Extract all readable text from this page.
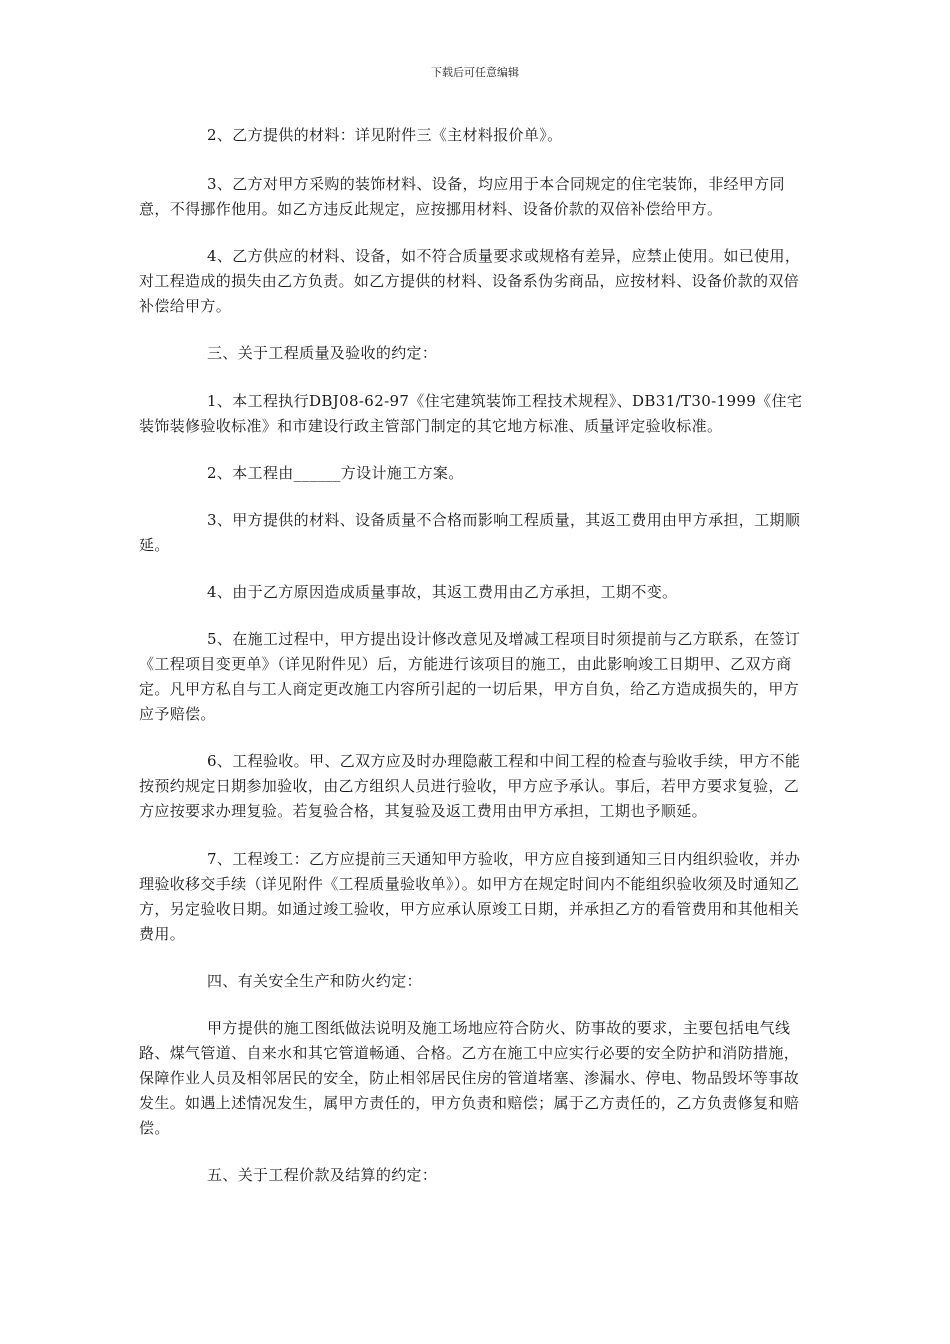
下载后可任意编辑

2、乙方提供的材料：详见附件三《主材料报价单》。

3、乙方对甲方采购的装饰材料、设备，均应用于本合同规定的住宅装饰，非经甲方同意，不得挪作他用。如乙方违反此规定，应按挪用材料、设备价款的双倍补偿给甲方。

4、乙方供应的材料、设备，如不符合质量要求或规格有差异，应禁止使用。如已使用，对工程造成的损失由乙方负责。如乙方提供的材料、设备系伪劣商品，应按材料、设备价款的双倍补偿给甲方。

三、关于工程质量及验收的约定：

1、本工程执行DBJ08-62-97《住宅建筑装饰工程技术规程》、DB31/T30-1999《住宅装饰装修验收标准》和市建设行政主管部门制定的其它地方标准、质量评定验收标准。

2、本工程由______方设计施工方案。

3、甲方提供的材料、设备质量不合格而影响工程质量，其返工费用由甲方承担，工期顺延。

4、由于乙方原因造成质量事故，其返工费用由乙方承担，工期不变。

5、在施工过程中，甲方提出设计修改意见及增减工程项目时须提前与乙方联系，在签订《工程项目变更单》（详见附件见）后，方能进行该项目的施工，由此影响竣工日期甲、乙双方商定。凡甲方私自与工人商定更改施工内容所引起的一切后果，甲方自负，给乙方造成损失的，甲方应予赔偿。

6、工程验收。甲、乙双方应及时办理隐蔽工程和中间工程的检查与验收手续，甲方不能按预约规定日期参加验收，由乙方组织人员进行验收，甲方应予承认。事后，若甲方要求复验，乙方应按要求办理复验。若复验合格，其复验及返工费用由甲方承担，工期也予顺延。

7、工程竣工：乙方应提前三天通知甲方验收，甲方应自接到通知三日内组织验收，并办理验收移交手续（详见附件《工程质量验收单》）。如甲方在规定时间内不能组织验收须及时通知乙方，另定验收日期。如通过竣工验收，甲方应承认原竣工日期，并承担乙方的看管费用和其他相关费用。

四、有关安全生产和防火约定：

甲方提供的施工图纸做法说明及施工场地应符合防火、防事故的要求，主要包括电气线路、煤气管道、自来水和其它管道畅通、合格。乙方在施工中应实行必要的安全防护和消防措施，保障作业人员及相邻居民的安全，防止相邻居民住房的管道堵塞、渗漏水、停电、物品毁坏等事故发生。如遇上述情况发生，属甲方责任的，甲方负责和赔偿；属于乙方责任的，乙方负责修复和赔偿。

五、关于工程价款及结算的约定：
